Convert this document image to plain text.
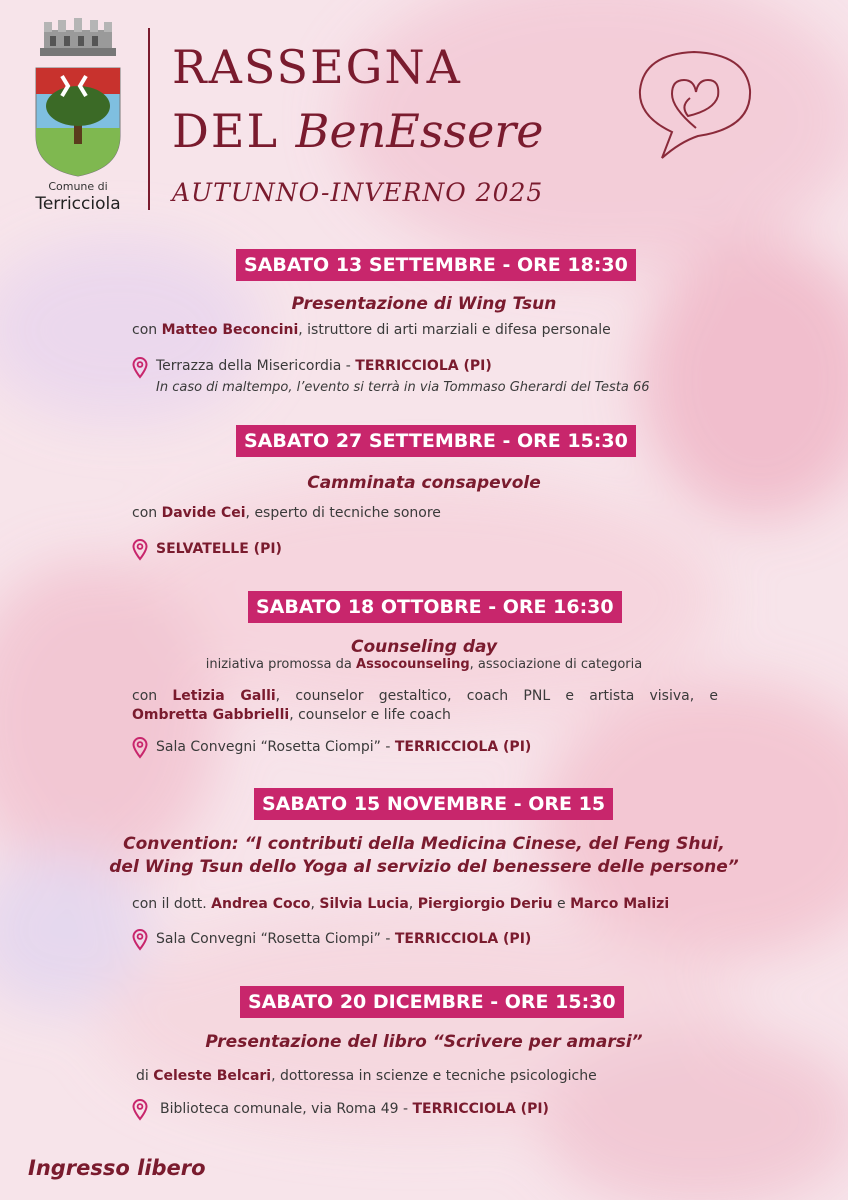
Comune di
Terricciola
RASSEGNA
DEL BenEssere
AUTUNNO-INVERNO 2025
SABATO 13 SETTEMBRE - ORE 18:30
Presentazione di Wing Tsun
con Matteo Beconcini, istruttore di arti marziali e difesa personale
Terrazza della Misericordia - TERRICCIOLA (PI)
In caso di maltempo, l’evento si terrà in via Tommaso Gherardi del Testa 66
SABATO 27 SETTEMBRE - ORE 15:30
Camminata consapevole
con Davide Cei, esperto di tecniche sonore
SELVATELLE (PI)
SABATO 18 OTTOBRE - ORE 16:30
Counseling day
iniziativa promossa da Assocounseling, associazione di categoria
con Letizia Galli, counselor gestaltico, coach PNL e artista visiva, e
Ombretta Gabbrielli, counselor e life coach
Sala Convegni “Rosetta Ciompi” - TERRICCIOLA (PI)
SABATO 15 NOVEMBRE - ORE 15
Convention: “I contributi della Medicina Cinese, del Feng Shui,
del Wing Tsun dello Yoga al servizio del benessere delle persone”
con il dott. Andrea Coco, Silvia Lucia, Piergiorgio Deriu e Marco Malizi
Sala Convegni “Rosetta Ciompi” - TERRICCIOLA (PI)
SABATO 20 DICEMBRE - ORE 15:30
Presentazione del libro “Scrivere per amarsi”
di Celeste Belcari, dottoressa in scienze e tecniche psicologiche
Biblioteca comunale, via Roma 49 - TERRICCIOLA (PI)
Ingresso libero
